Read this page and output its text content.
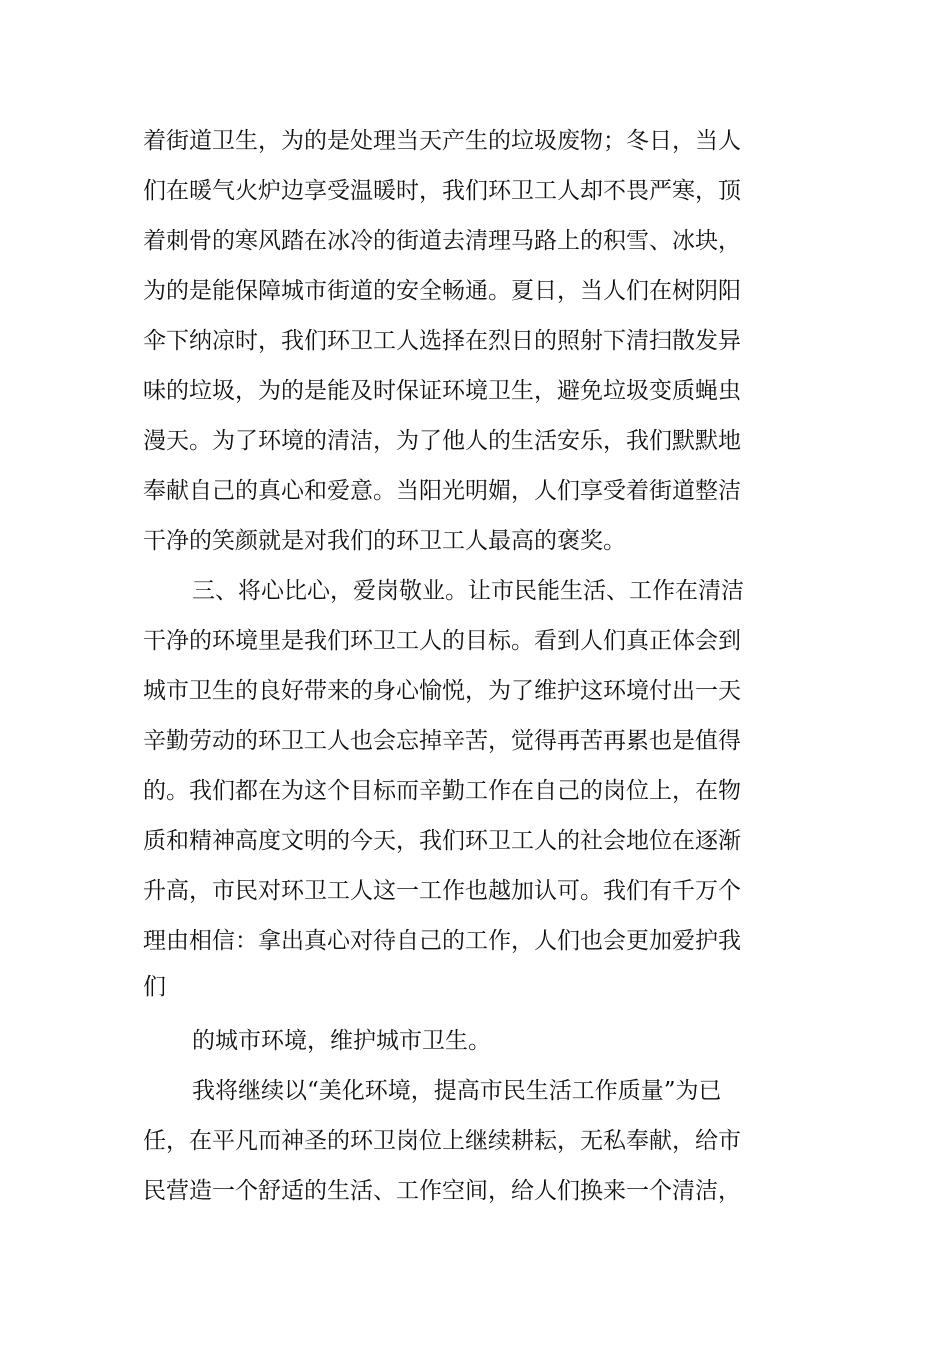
着街道卫生，为的是处理当天产生的垃圾废物；冬日，当人
们在暖气火炉边享受温暖时，我们环卫工人却不畏严寒，顶
着刺骨的寒风踏在冰冷的街道去清理马路上的积雪、冰块，
为的是能保障城市街道的安全畅通。夏日，当人们在树阴阳
伞下纳凉时，我们环卫工人选择在烈日的照射下清扫散发异
味的垃圾，为的是能及时保证环境卫生，避免垃圾变质蝇虫
漫天。为了环境的清洁，为了他人的生活安乐，我们默默地
奉献自己的真心和爱意。当阳光明媚，人们享受着街道整洁
干净的笑颜就是对我们的环卫工人最高的褒奖。
三、将心比心，爱岗敬业。让市民能生活、工作在清洁
干净的环境里是我们环卫工人的目标。看到人们真正体会到
城市卫生的良好带来的身心愉悦，为了维护这环境付出一天
辛勤劳动的环卫工人也会忘掉辛苦，觉得再苦再累也是值得
的。我们都在为这个目标而辛勤工作在自己的岗位上，在物
质和精神高度文明的今天，我们环卫工人的社会地位在逐渐
升高，市民对环卫工人这一工作也越加认可。我们有千万个
理由相信：拿出真心对待自己的工作，人们也会更加爱护我
们
的城市环境，维护城市卫生。
我将继续以“美化环境，提高市民生活工作质量”为已
任，在平凡而神圣的环卫岗位上继续耕耘，无私奉献，给市
民营造一个舒适的生活、工作空间，给人们换来一个清洁，
